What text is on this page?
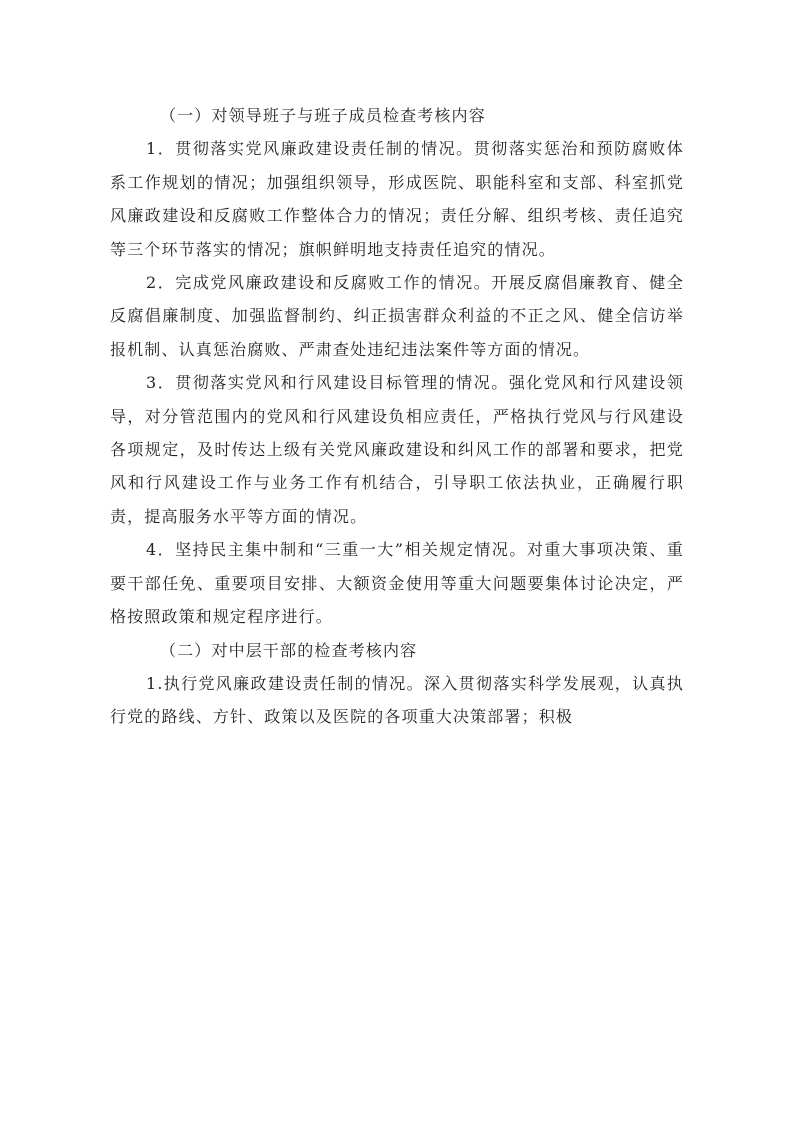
（一）对领导班子与班子成员检查考核内容

1．贯彻落实党风廉政建设责任制的情况。贯彻落实惩治和预防腐败体系工作规划的情况；加强组织领导，形成医院、职能科室和支部、科室抓党风廉政建设和反腐败工作整体合力的情况；责任分解、组织考核、责任追究等三个环节落实的情况；旗帜鲜明地支持责任追究的情况。

2．完成党风廉政建设和反腐败工作的情况。开展反腐倡廉教育、健全反腐倡廉制度、加强监督制约、纠正损害群众利益的不正之风、健全信访举报机制、认真惩治腐败、严肃查处违纪违法案件等方面的情况。

3．贯彻落实党风和行风建设目标管理的情况。强化党风和行风建设领导，对分管范围内的党风和行风建设负相应责任，严格执行党风与行风建设各项规定，及时传达上级有关党风廉政建设和纠风工作的部署和要求，把党风和行风建设工作与业务工作有机结合，引导职工依法执业，正确履行职责，提高服务水平等方面的情况。

4．坚持民主集中制和“三重一大”相关规定情况。对重大事项决策、重要干部任免、重要项目安排、大额资金使用等重大问题要集体讨论决定，严格按照政策和规定程序进行。

（二）对中层干部的检查考核内容

1.执行党风廉政建设责任制的情况。深入贯彻落实科学发展观，认真执行党的路线、方针、政策以及医院的各项重大决策部署；积极
